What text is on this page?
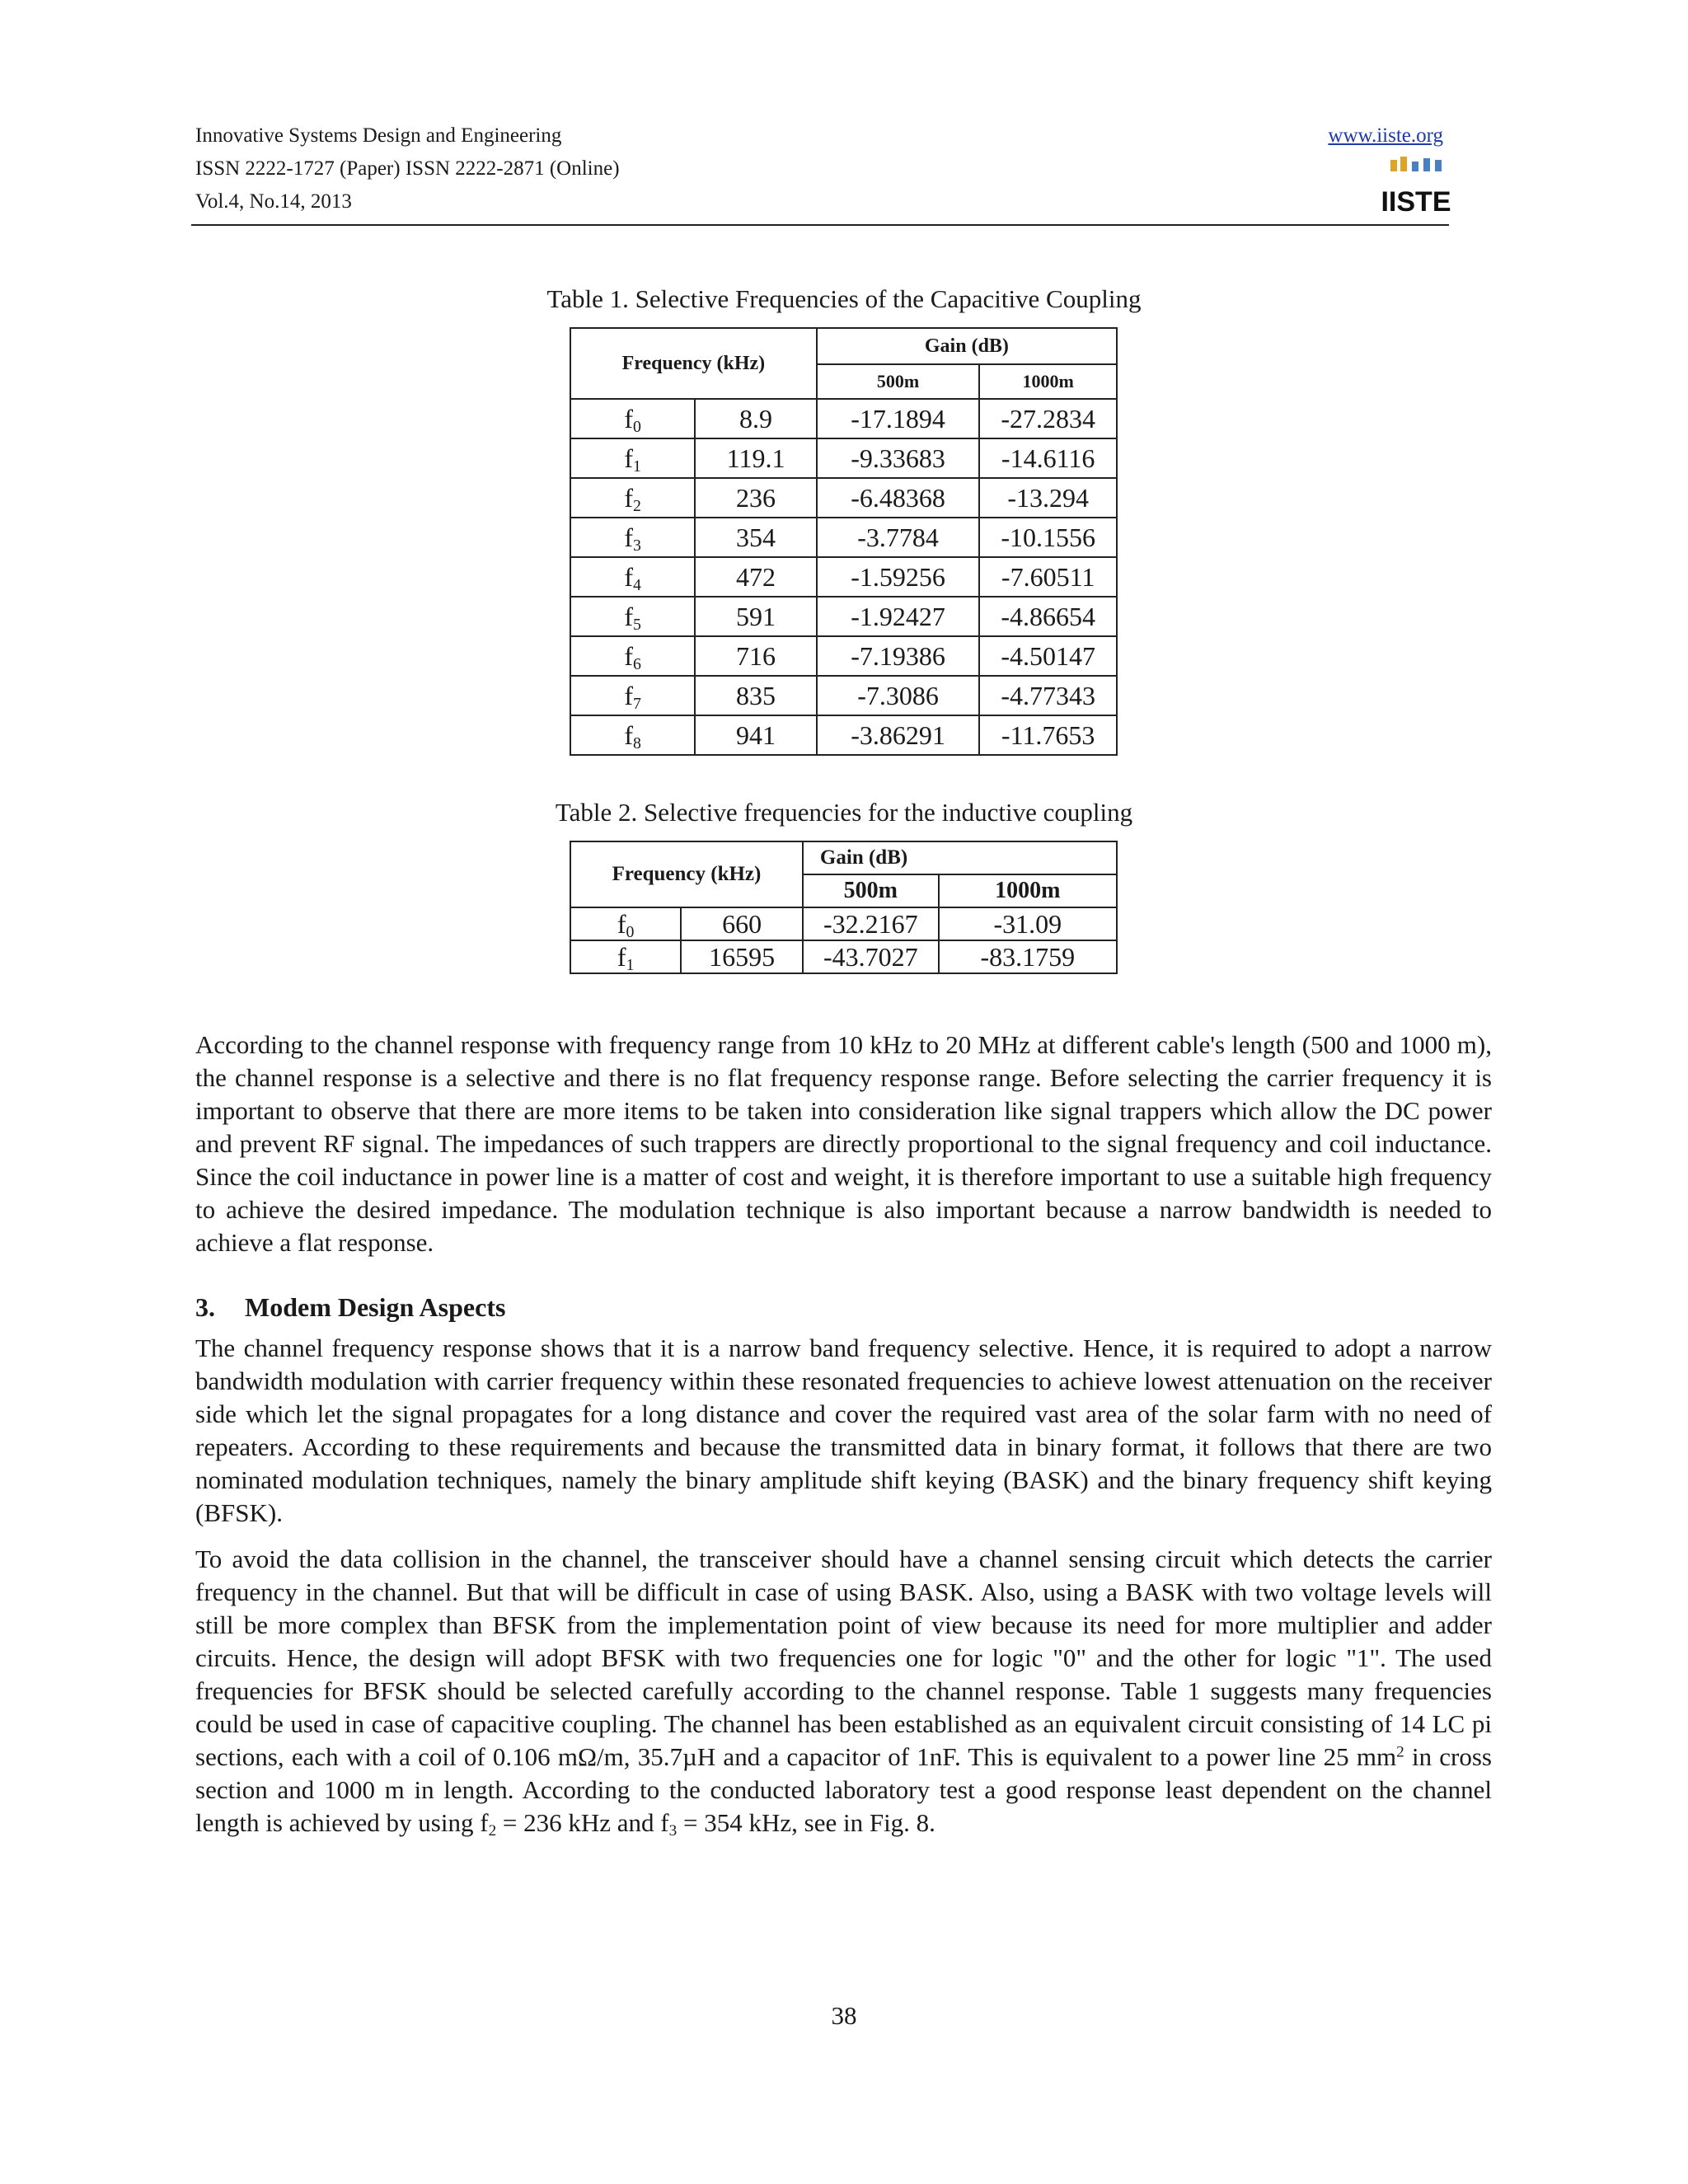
Innovative Systems Design and Engineering
ISSN 2222-1727 (Paper) ISSN 2222-2871 (Online)
Vol.4, No.14, 2013
www.iiste.org
IISTE
Table 1. Selective Frequencies of the Capacitive Coupling
Frequency (kHz)		Gain (dB)	
		500m	1000m
$f_0$	8.9	-17.1894	-27.2834
$f_1$	119.1	-9.33683	-14.6116
$f_2$	236	-6.48368	-13.294
$f_3$	354	-3.7784	-10.1556
$f_4$	472	-1.59256	-7.60511
$f_5$	591	-1.92427	-4.86654
$f_6$	716	-7.19386	-4.50147
$f_7$	835	-7.3086	-4.77343
$f_8$	941	-3.86291	-11.7653
Table 2. Selective frequencies for the inductive coupling
Frequency (kHz)		Gain (dB)	
		500m	1000m
$f_0$	660	-32.2167	-31.09
$f_1$	16595	-43.7027	-83.1759
According to the channel response with frequency range from 10 kHz to 20 MHz at different cable's length (500 and 1000 m), the channel response is a selective and there is no flat frequency response range. Before selecting the carrier frequency it is important to observe that there are more items to be taken into consideration like signal trappers which allow the DC power and prevent RF signal. The impedances of such trappers are directly proportional to the signal frequency and coil inductance. Since the coil inductance in power line is a matter of cost and weight, it is therefore important to use a suitable high frequency to achieve the desired impedance. The modulation technique is also important because a narrow bandwidth is needed to achieve a flat response.
3. Modem Design Aspects
The channel frequency response shows that it is a narrow band frequency selective. Hence, it is required to adopt a narrow bandwidth modulation with carrier frequency within these resonated frequencies to achieve lowest attenuation on the receiver side which let the signal propagates for a long distance and cover the required vast area of the solar farm with no need of repeaters. According to these requirements and because the transmitted data in binary format, it follows that there are two nominated modulation techniques, namely the binary amplitude shift keying (BASK) and the binary frequency shift keying (BFSK).
To avoid the data collision in the channel, the transceiver should have a channel sensing circuit which detects the carrier frequency in the channel. But that will be difficult in case of using BASK. Also, using a BASK with two voltage levels will still be more complex than BFSK from the implementation point of view because its need for more multiplier and adder circuits. Hence, the design will adopt BFSK with two frequencies one for logic "0" and the other for logic "1". The used frequencies for BFSK should be selected carefully according to the channel response. Table 1 suggests many frequencies could be used in case of capacitive coupling. The channel has been established as an equivalent circuit consisting of 14 LC pi sections, each with a coil of 0.106 mΩ/m, 35.7µH and a capacitor of 1nF. This is equivalent to a power line 25 $mm^2$ in cross section and 1000 m in length. According to the conducted laboratory test a good response least dependent on the channel length is achieved by using $f_2 = 236$ kHz and $f_3 = 354$ kHz, see in Fig. 8.
38
